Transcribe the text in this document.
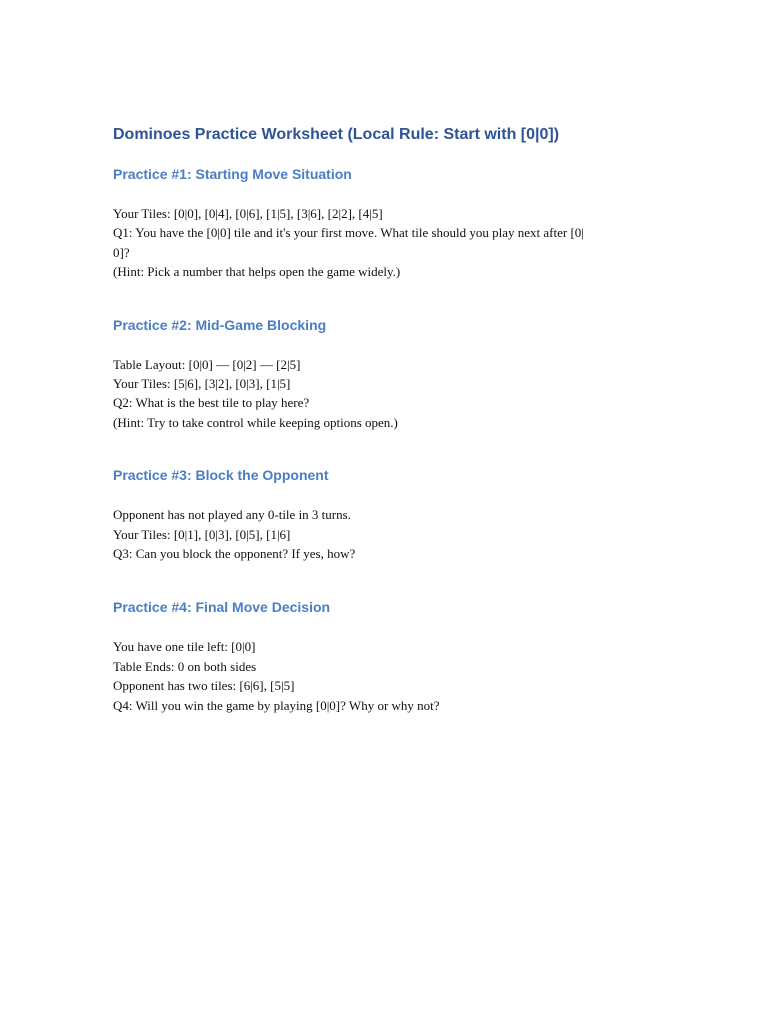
Dominoes Practice Worksheet (Local Rule: Start with [0|0])
Practice #1: Starting Move Situation

Your Tiles: [0|0], [0|4], [0|6], [1|5], [3|6], [2|2], [4|5]

Q1: You have the [0|0] tile and it's your first move. What tile should you play next after [0|

0]?

(Hint: Pick a number that helps open the game widely.)

Practice #2: Mid-Game Blocking

Table Layout: [0|0] — [0|2] — [2|5]

Your Tiles: [5|6], [3|2], [0|3], [1|5]

Q2: What is the best tile to play here?

(Hint: Try to take control while keeping options open.)

Practice #3: Block the Opponent

Opponent has not played any 0-tile in 3 turns.

Your Tiles: [0|1], [0|3], [0|5], [1|6]

Q3: Can you block the opponent? If yes, how?

Practice #4: Final Move Decision

You have one tile left: [0|0]

Table Ends: 0 on both sides

Opponent has two tiles: [6|6], [5|5]

Q4: Will you win the game by playing [0|0]? Why or why not?
